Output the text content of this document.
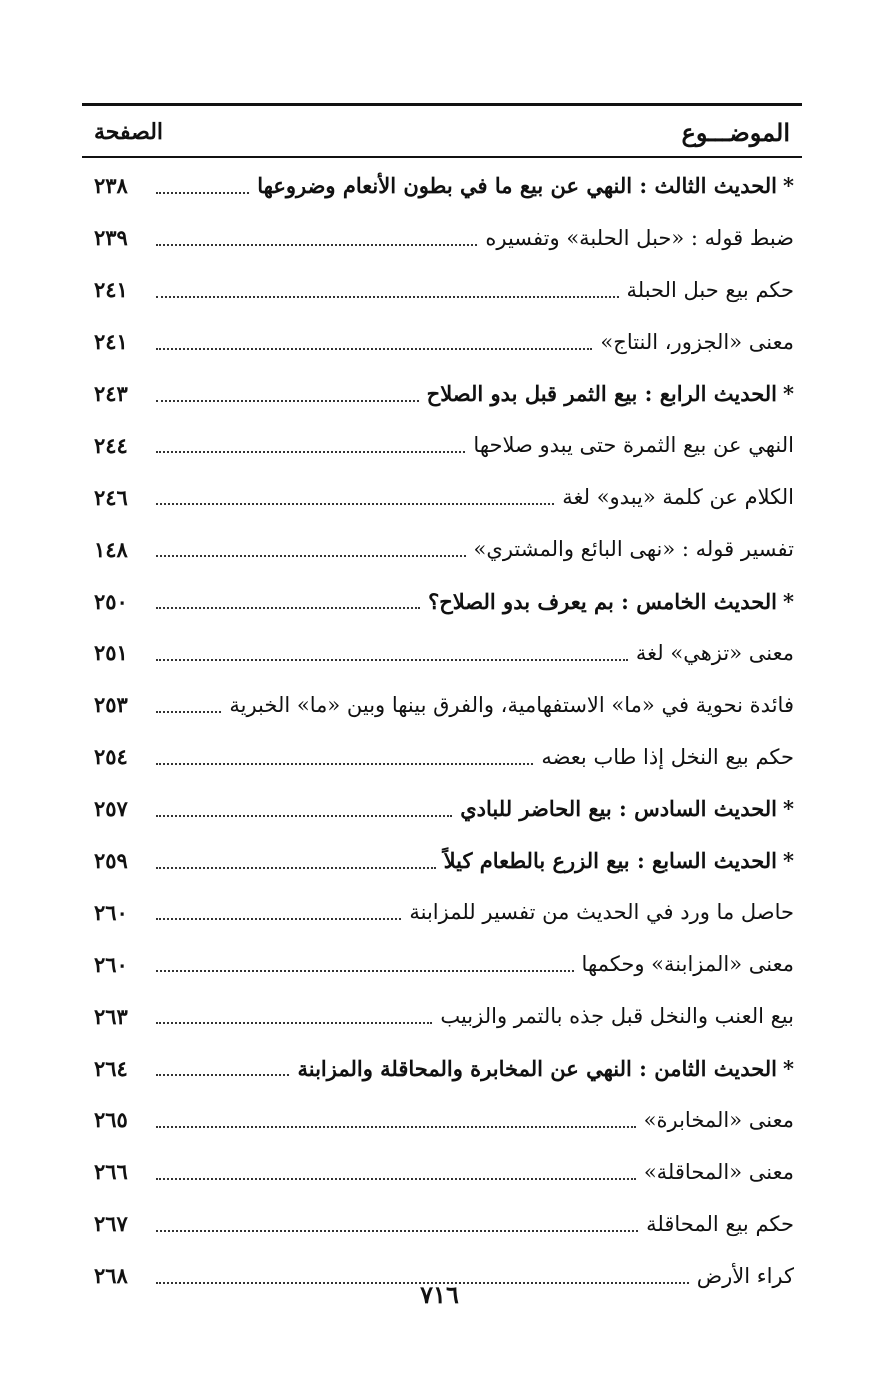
الموضـــوع
الصفحة
*الحديث الثالث : النهي عن بيع ما في بطون الأنعام وضروعها
٢٣٨
ضبط قوله : «حبل الحلبة» وتفسيره
٢٣٩
حكم بيع حبل الحبلة
٢٤١
معنى «الجزور، النتاج»
٢٤١
*الحديث الرابع : بيع الثمر قبل بدو الصلاح
٢٤٣
النهي عن بيع الثمرة حتى يبدو صلاحها
٢٤٤
الكلام عن كلمة «يبدو» لغة
٢٤٦
تفسير قوله : «نهى البائع والمشتري»
١٤٨
*الحديث الخامس : بم يعرف بدو الصلاح؟
٢٥٠
معنى «تزهي» لغة
٢٥١
فائدة نحوية في «ما» الاستفهامية، والفرق بينها وبين «ما» الخبرية
٢٥٣
حكم بيع النخل إذا طاب بعضه
٢٥٤
*الحديث السادس : بيع الحاضر للبادي
٢٥٧
*الحديث السابع : بيع الزرع بالطعام كيلاً
٢٥٩
حاصل ما ورد في الحديث من تفسير للمزابنة
٢٦٠
معنى «المزابنة» وحكمها
٢٦٠
بيع العنب والنخل قبل جذه بالتمر والزبيب
٢٦٣
*الحديث الثامن : النهي عن المخابرة والمحاقلة والمزابنة
٢٦٤
معنى «المخابرة»
٢٦٥
معنى «المحاقلة»
٢٦٦
حكم بيع المحاقلة
٢٦٧
كراء الأرض
٢٦٨
٧١٦
